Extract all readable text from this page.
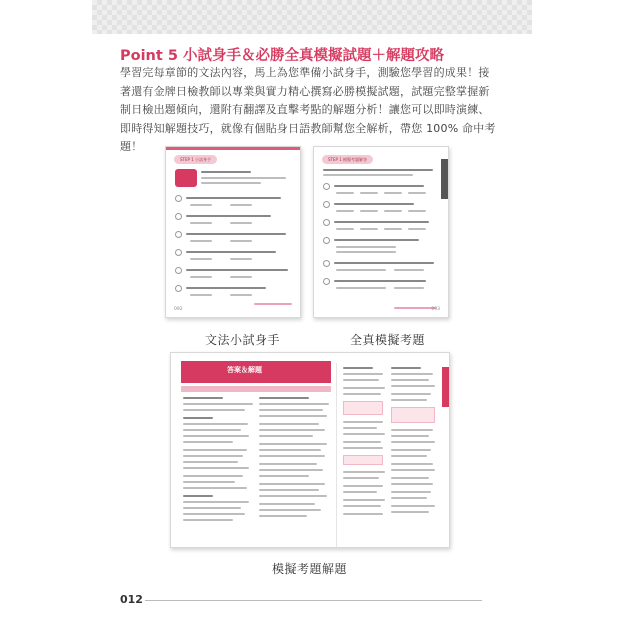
Point 5 小試身手＆必勝全真模擬試題＋解題攻略
學習完每章節的文法內容，馬上為您準備小試身手，測驗您學習的成果！接著還有金牌日檢教師以專業與實力精心撰寫必勝模擬試題，試題完整掌握新制日檢出題傾向，還附有翻譯及直擊考點的解題分析！讓您可以即時演練、即時得知解題技巧，就像有個貼身日語教師幫您全解析，帶您 100% 命中考題！
STEP 1 小試身手
092
文法小試身手
STEP 1 模擬考題解答
093
全真模擬考題
答案＆解題
模擬考題解題
012
